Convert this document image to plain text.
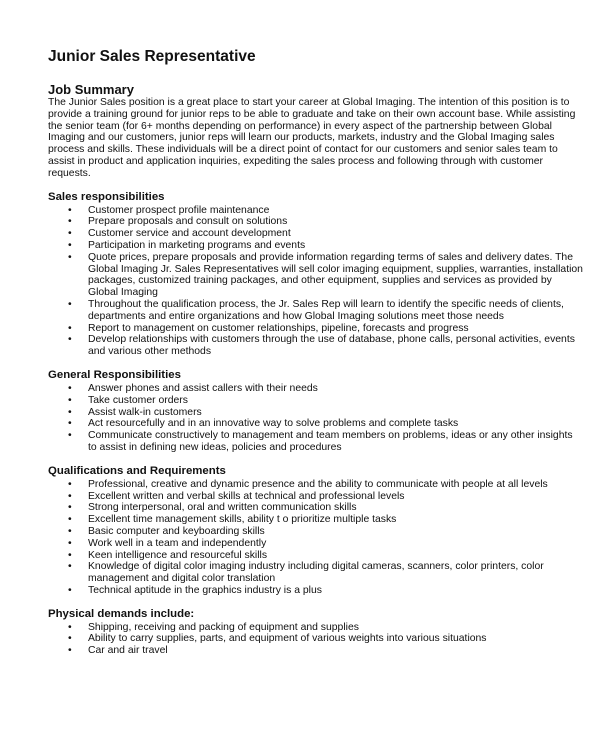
Junior Sales Representative
Job Summary

The Junior Sales position is a great place to start your career at Global Imaging. The intention of this position is to provide a training ground for junior reps to be able to graduate and take on their own account base. While assisting the senior team (for 6+ months depending on performance) in every aspect of the partnership between Global Imaging and our customers, junior reps will learn our products, markets, industry and the Global Imaging sales process and skills. These individuals will be a direct point of contact for our customers and senior sales team to assist in product and application inquiries, expediting the sales process and following through with customer requests.

Sales responsibilities
• Customer prospect profile maintenance
• Prepare proposals and consult on solutions
• Customer service and account development
• Participation in marketing programs and events
• Quote prices, prepare proposals and provide information regarding terms of sales and delivery dates. The Global Imaging Jr. Sales Representatives will sell color imaging equipment, supplies, warranties, installation packages, customized training packages, and other equipment, supplies and services as provided by Global Imaging
• Throughout the qualification process, the Jr. Sales Rep will learn to identify the specific needs of clients, departments and entire organizations and how Global Imaging solutions meet those needs
• Report to management on customer relationships, pipeline, forecasts and progress
• Develop relationships with customers through the use of database, phone calls, personal activities, events and various other methods
General Responsibilities
• Answer phones and assist callers with their needs
• Take customer orders
• Assist walk-in customers
• Act resourcefully and in an innovative way to solve problems and complete tasks
• Communicate constructively to management and team members on problems, ideas or any other insights to assist in defining new ideas, policies and procedures
Qualifications and Requirements
• Professional, creative and dynamic presence and the ability to communicate with people at all levels
• Excellent written and verbal skills at technical and professional levels
• Strong interpersonal, oral and written communication skills
• Excellent time management skills, ability t o prioritize multiple tasks
• Basic computer and keyboarding skills
• Work well in a team and independently
• Keen intelligence and resourceful skills
• Knowledge of digital color imaging industry including digital cameras, scanners, color printers, color management and digital color translation
• Technical aptitude in the graphics industry is a plus
Physical demands include:
• Shipping, receiving and packing of equipment and supplies
• Ability to carry supplies, parts, and equipment of various weights into various situations
• Car and air travel
